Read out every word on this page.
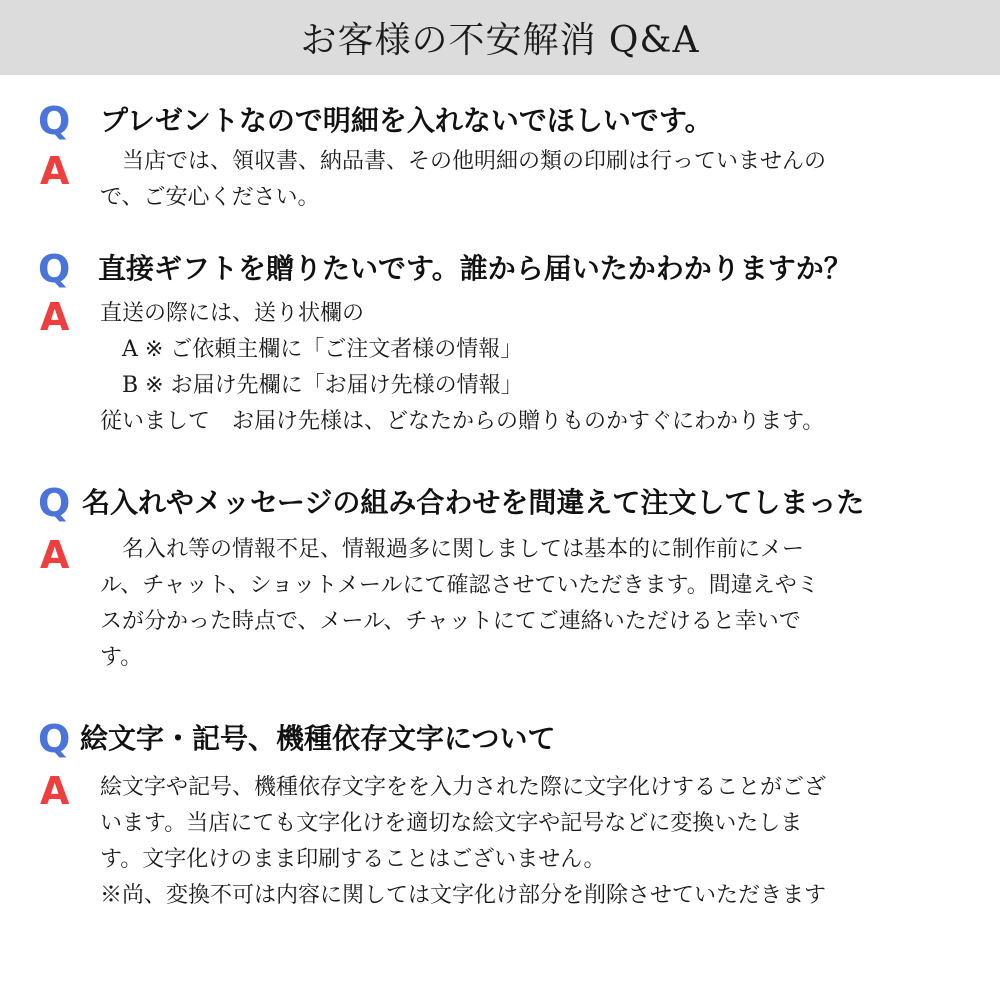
お客様の不安解消 Q&A
Q プレゼントなので明細を入れないでほしいです。
A	当店では、領収書、納品書、その他明細の類の印刷は行っていませんの

で、ご安心ください。

Q 直接ギフトを贈りたいです。誰から届いたかわかりますか？
A 直送の際には、送り状欄の

A ※ ご依頼主欄に「ご注文者様の情報」

B ※ お届け先欄に「お届け先様の情報」

従いまして　お届け先様は、どなたからの贈りものかすぐにわかります。

Q 名入れやメッセージの組み合わせを間違えて注文してしまった
A	名入れ等の情報不足、情報過多に関しましては基本的に制作前にメー

ル、チャット、ショットメールにて確認させていただきます。間違えやミ

スが分かった時点で、メール、チャットにてご連絡いただけると幸いで

す。

Q 絵文字・記号、機種依存文字について
A 絵文字や記号、機種依存文字をを入力された際に文字化けすることがござ

います。当店にても文字化けを適切な絵文字や記号などに変換いたしま

す。文字化けのまま印刷することはございません。

※尚、変換不可は内容に関しては文字化け部分を削除させていただきます
